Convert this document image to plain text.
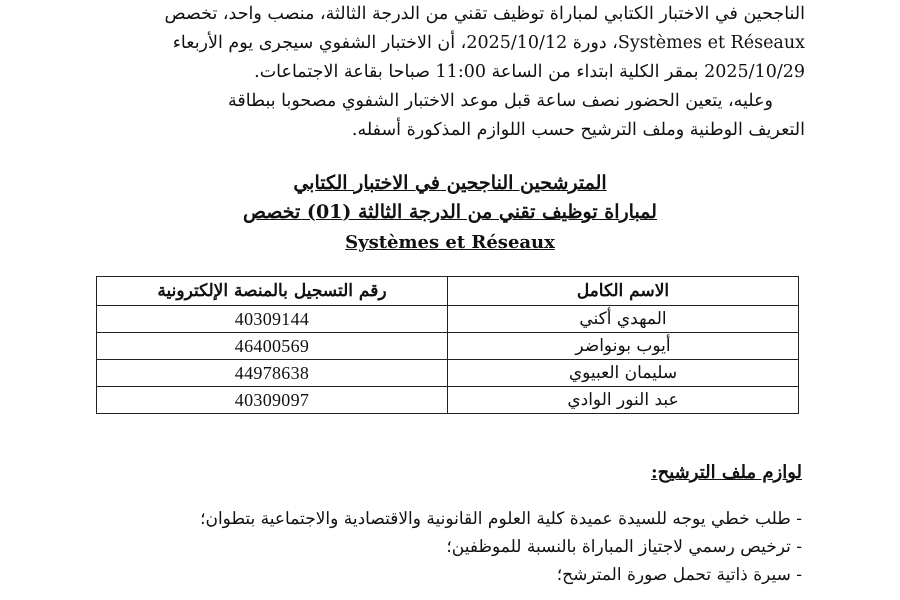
الناجحين في الاختبار الكتابي لمباراة توظيف تقني من الدرجة الثالثة، منصب واحد، تخصص
Systèmes et Réseaux، دورة 2025/10/12، أن الاختبار الشفوي سيجرى يوم الأربعاء
2025/10/29 بمقر الكلية ابتداء من الساعة 11:00 صباحا بقاعة الاجتماعات.
وعليه، يتعين الحضور نصف ساعة قبل موعد الاختبار الشفوي مصحوبا ببطاقة
التعريف الوطنية وملف الترشيح حسب اللوازم المذكورة أسفله.

المترشحين الناجحين في الاختبار الكتابي
لمباراة توظيف تقني من الدرجة الثالثة (01) تخصص
Systèmes et Réseaux
الاسم الكامل	رقم التسجيل بالمنصة الإلكترونية
المهدي أكني	40309144
أيوب بونواضر	46400569
سليمان العبيوي	44978638
عبد النور الوادي	40309097
لوازم ملف الترشيح:
- طلب خطي يوجه للسيدة عميدة كلية العلوم القانونية والاقتصادية والاجتماعية بتطوان؛
- ترخيص رسمي لاجتياز المباراة بالنسبة للموظفين؛
- سيرة ذاتية تحمل صورة المترشح؛
